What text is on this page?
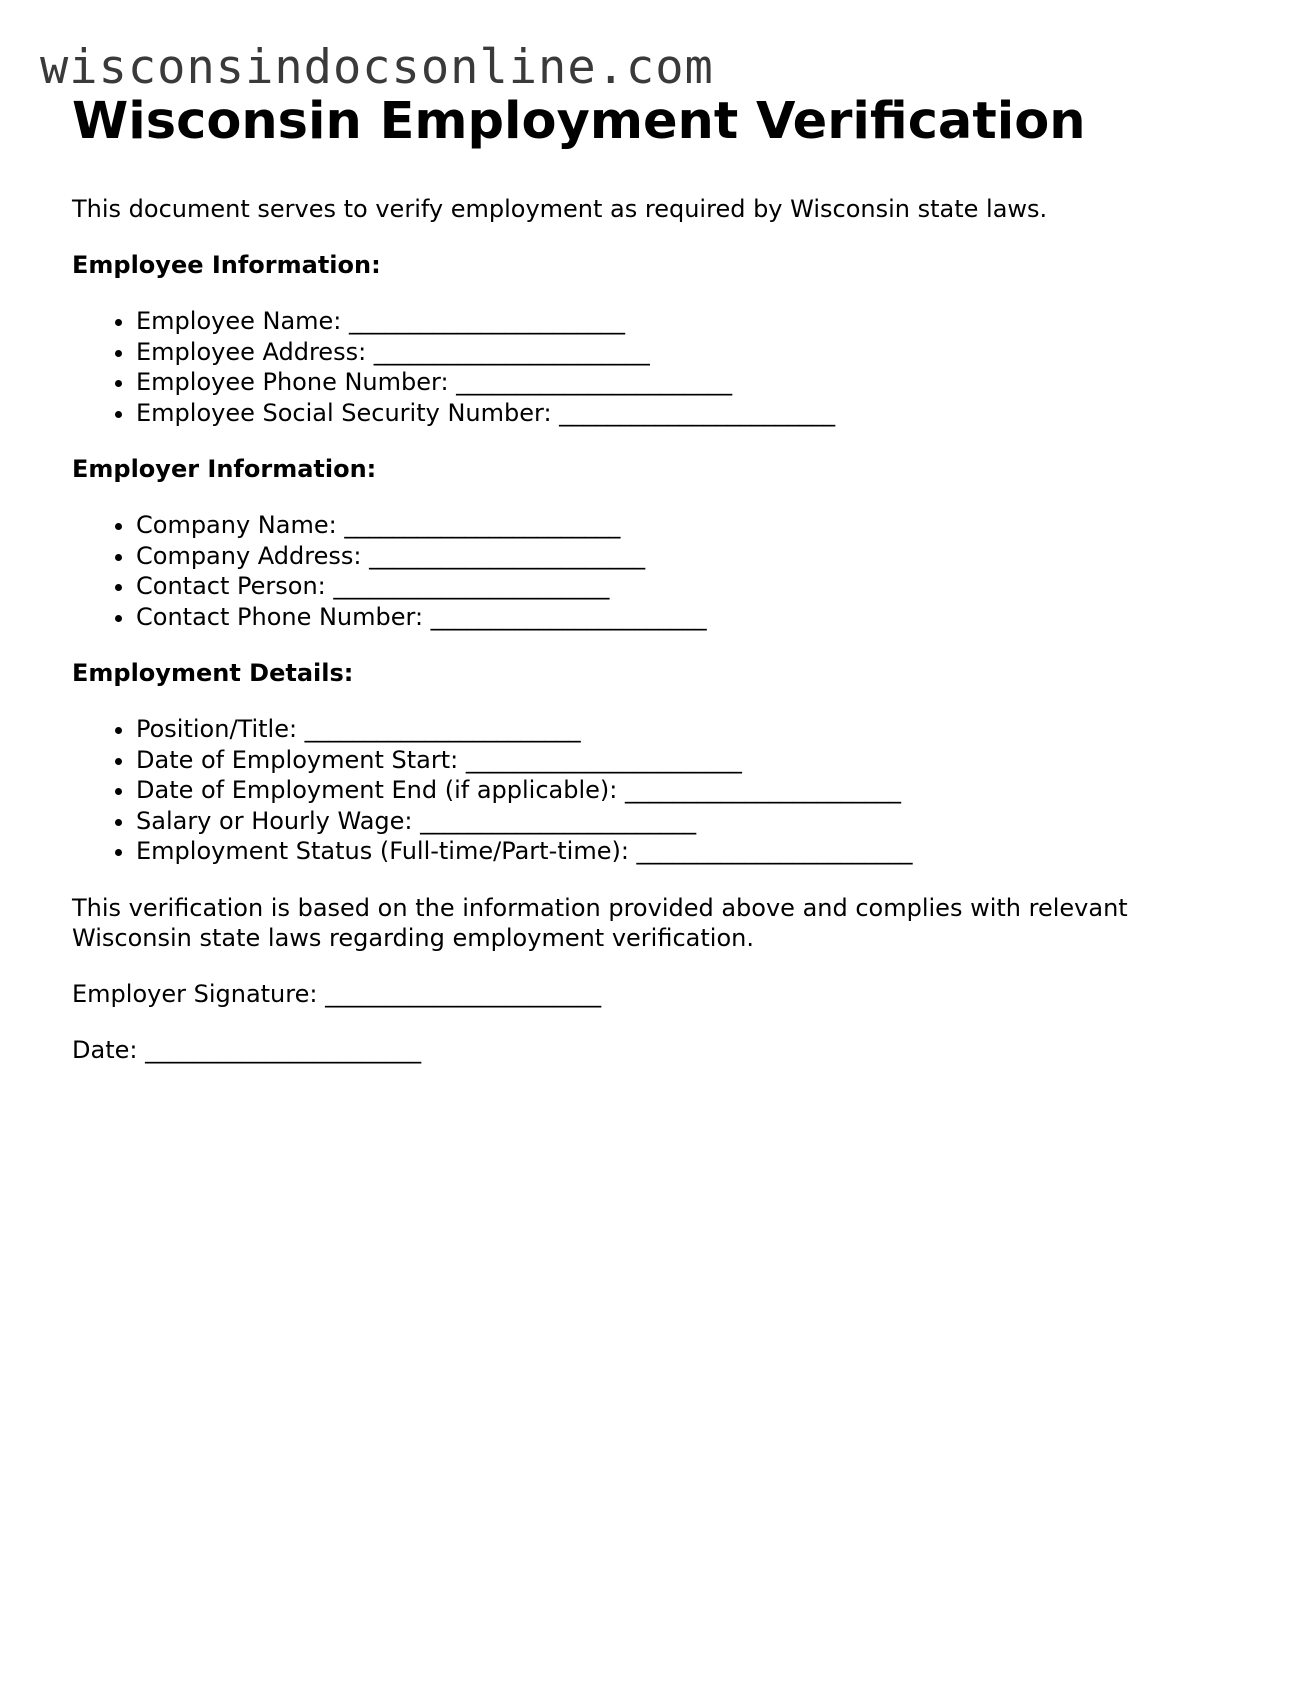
wisconsindocsonline.com
Wisconsin Employment Verification

This document serves to verify employment as required by Wisconsin state laws.

Employee Information:

• Employee Name: _______________________
• Employee Address: _______________________
• Employee Phone Number: _______________________
• Employee Social Security Number: _______________________

Employer Information:

• Company Name: _______________________
• Company Address: _______________________
• Contact Person: _______________________
• Contact Phone Number: _______________________

Employment Details:

• Position/Title: _______________________
• Date of Employment Start: _______________________
• Date of Employment End (if applicable): _______________________
• Salary or Hourly Wage: _______________________
• Employment Status (Full-time/Part-time): _______________________

This verification is based on the information provided above and complies with relevant Wisconsin state laws regarding employment verification.

Employer Signature: _______________________

Date: _______________________
